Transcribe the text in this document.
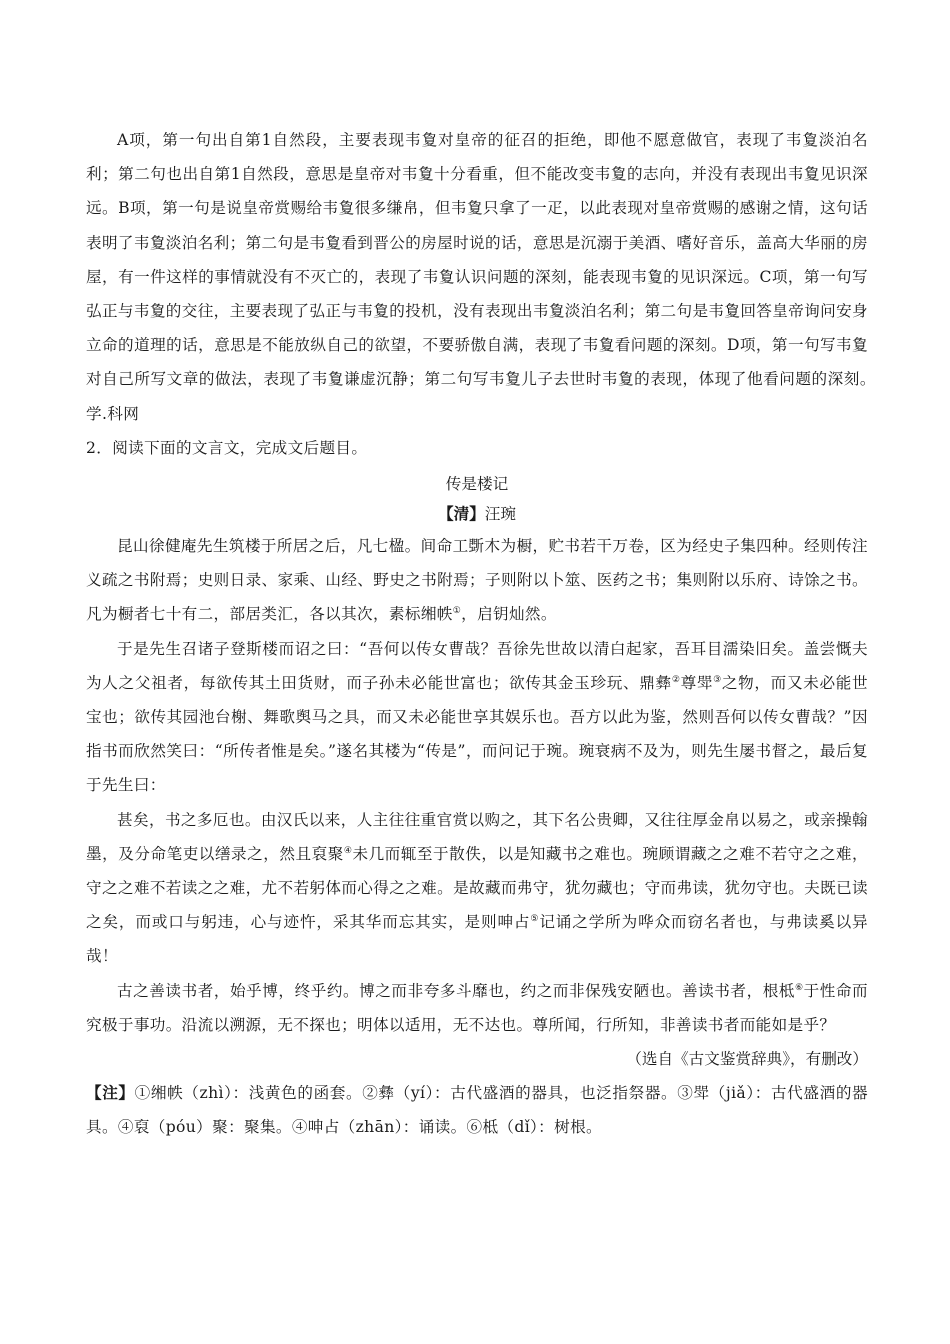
A项，第一句出自第1自然段，主要表现韦夐对皇帝的征召的拒绝，即他不愿意做官，表现了韦夐淡泊名利；第二句也出自第1自然段，意思是皇帝对韦夐十分看重，但不能改变韦夐的志向，并没有表现出韦夐见识深远。B项，第一句是说皇帝赏赐给韦夐很多缣帛，但韦夐只拿了一疋，以此表现对皇帝赏赐的感谢之情，这句话表明了韦夐淡泊名利；第二句是韦夐看到晋公的房屋时说的话，意思是沉溺于美酒、嗜好音乐，盖高大华丽的房屋，有一件这样的事情就没有不灭亡的，表现了韦夐认识问题的深刻，能表现韦夐的见识深远。C项，第一句写弘正与韦夐的交往，主要表现了弘正与韦夐的投机，没有表现出韦夐淡泊名利；第二句是韦夐回答皇帝询问安身立命的道理的话，意思是不能放纵自己的欲望，不要骄傲自满，表现了韦夐看问题的深刻。D项，第一句写韦夐对自己所写文章的做法，表现了韦夐谦虚沉静；第二句写韦夐儿子去世时韦夐的表现，体现了他看问题的深刻。　学.科网

2．阅读下面的文言文，完成文后题目。

传是楼记

【清】汪琬

昆山徐健庵先生筑楼于所居之后，凡七楹。间命工斲木为橱，贮书若干万卷，区为经史子集四种。经则传注义疏之书附焉；史则日录、家乘、山经、野史之书附焉；子则附以卜筮、医药之书；集则附以乐府、诗馀之书。凡为橱者七十有二，部居类汇，各以其次，素标缃帙①，启钥灿然。

于是先生召诸子登斯楼而诏之曰：“吾何以传女曹哉？吾徐先世故以清白起家，吾耳目濡染旧矣。盖尝慨夫为人之父祖者，每欲传其土田货财，而子孙未必能世富也；欲传其金玉珍玩、鼎彝②尊斝③之物，而又未必能世宝也；欲传其园池台榭、舞歌舆马之具，而又未必能世享其娱乐也。吾方以此为鉴，然则吾何以传女曹哉？”因指书而欣然笑曰：“所传者惟是矣。”遂名其楼为“传是”，而问记于琬。琬衰病不及为，则先生屡书督之，最后复于先生曰：

甚矣，书之多厄也。由汉氏以来，人主往往重官赏以购之，其下名公贵卿，又往往厚金帛以易之，或亲操翰墨，及分命笔吏以缮录之，然且裒聚④未几而辄至于散佚，以是知藏书之难也。琬顾谓藏之之难不若守之之难，守之之难不若读之之难，尤不若躬体而心得之之难。是故藏而弗守，犹勿藏也；守而弗读，犹勿守也。夫既已读之矣，而或口与躬违，心与迹忤，采其华而忘其实，是则呻占⑤记诵之学所为哗众而窃名者也，与弗读奚以异哉！

古之善读书者，始乎博，终乎约。博之而非夸多斗靡也，约之而非保残安陋也。善读书者，根柢⑥于性命而究极于事功。沿流以溯源，无不探也；明体以适用，无不达也。尊所闻，行所知，非善读书者而能如是乎？

（选自《古文鉴赏辞典》，有删改）

【注】①缃帙（zhì）：浅黄色的函套。②彝（yí）：古代盛酒的器具，也泛指祭器。③斝（jiǎ）：古代盛酒的器具。④裒（póu）聚：聚集。④呻占（zhān）：诵读。⑥柢（dǐ）：树根。
